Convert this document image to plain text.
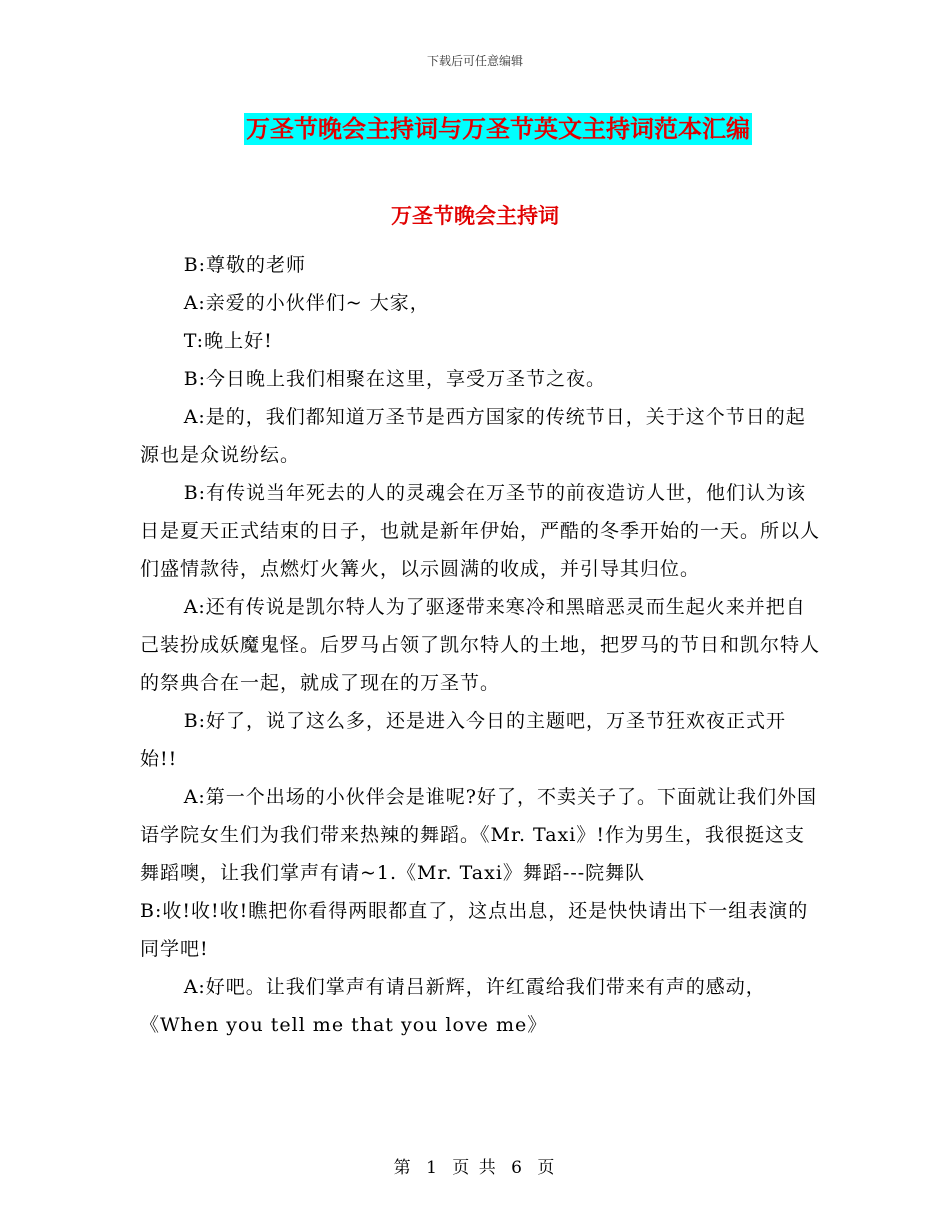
下载后可任意编辑
万圣节晚会主持词与万圣节英文主持词范本汇编
万圣节晚会主持词

B:尊敬的老师

A:亲爱的小伙伴们~ 大家，

T:晚上好!

B:今日晚上我们相聚在这里，享受万圣节之夜。

A:是的，我们都知道万圣节是西方国家的传统节日，关于这个节日的起源也是众说纷纭。

B:有传说当年死去的人的灵魂会在万圣节的前夜造访人世，他们认为该日是夏天正式结束的日子，也就是新年伊始，严酷的冬季开始的一天。所以人们盛情款待，点燃灯火篝火，以示圆满的收成，并引导其归位。

A:还有传说是凯尔特人为了驱逐带来寒冷和黑暗恶灵而生起火来并把自己装扮成妖魔鬼怪。后罗马占领了凯尔特人的土地，把罗马的节日和凯尔特人的祭典合在一起，就成了现在的万圣节。

B:好了，说了这么多，还是进入今日的主题吧，万圣节狂欢夜正式开始!!

A:第一个出场的小伙伴会是谁呢?好了，不卖关子了。下面就让我们外国语学院女生们为我们带来热辣的舞蹈。《Mr. Taxi》!作为男生，我很挺这支舞蹈噢，让我们掌声有请~1.《Mr. Taxi》舞蹈---院舞队

B:收!收!收!瞧把你看得两眼都直了，这点出息，还是快快请出下一组表演的同学吧!

A:好吧。让我们掌声有请吕新辉，许红霞给我们带来有声的感动，《When you tell me that you love me》

第 1 页 共 6 页
